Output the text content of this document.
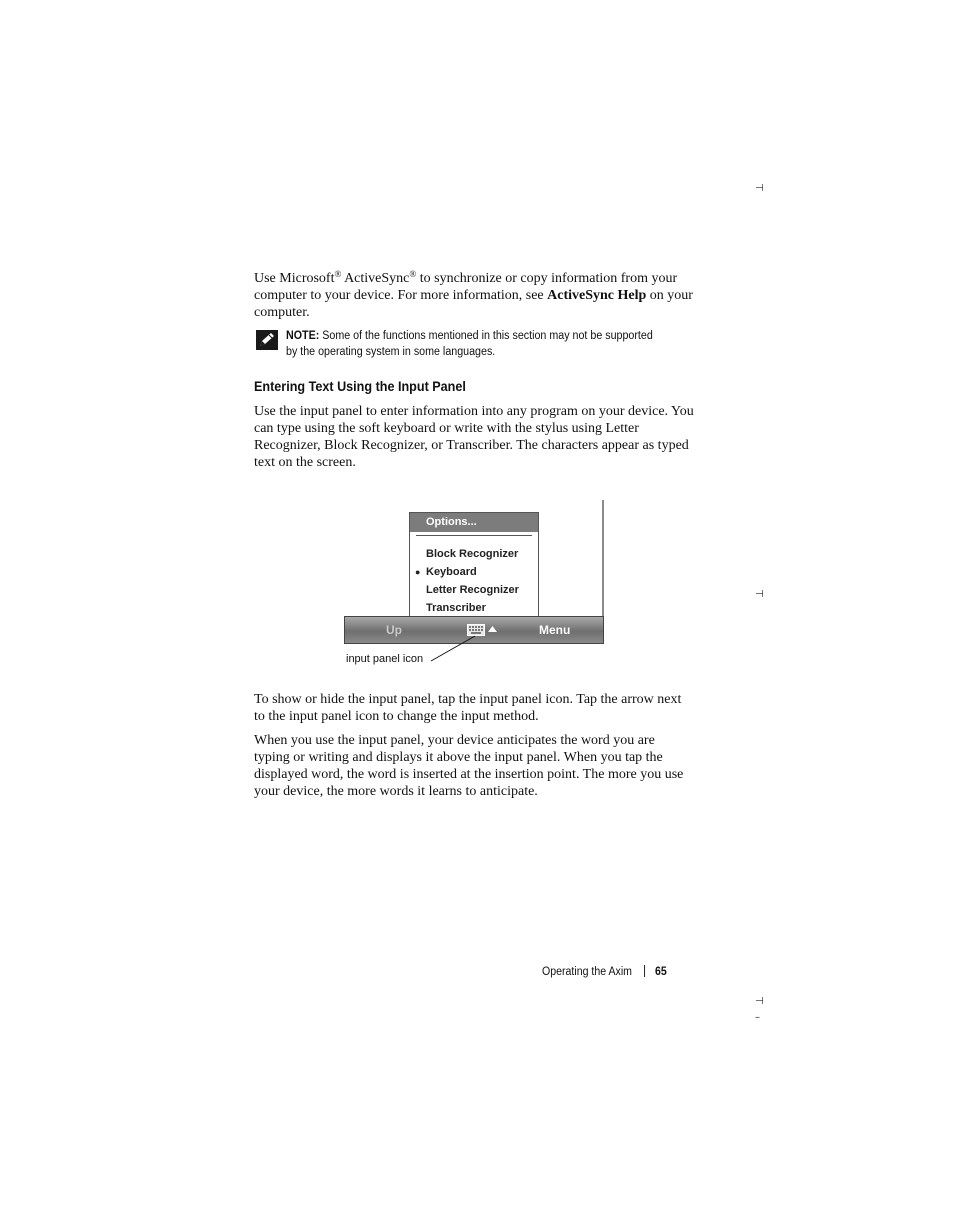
⊣
⊣
⊣
–

Use Microsoft® ActiveSync® to synchronize or copy information from your computer to your device. For more information, see ActiveSync Help on your computer.

NOTE: Some of the functions mentioned in this section may not be supported
by the operating system in some languages.
Entering Text Using the Input Panel

Use the input panel to enter information into any program on your device. You can type using the soft keyboard or write with the stylus using Letter Recognizer, Block Recognizer, or Transcriber. The characters appear as typed text on the screen.

Options...
Block Recognizer
● Keyboard
Letter Recognizer
Transcriber
Up	Menu
input panel icon

To show or hide the input panel, tap the input panel icon. Tap the arrow next to the input panel icon to change the input method.

When you use the input panel, your device anticipates the word you are typing or writing and displays it above the input panel. When you tap the displayed word, the word is inserted at the insertion point. The more you use your device, the more words it learns to anticipate.

Operating the Axim 65
